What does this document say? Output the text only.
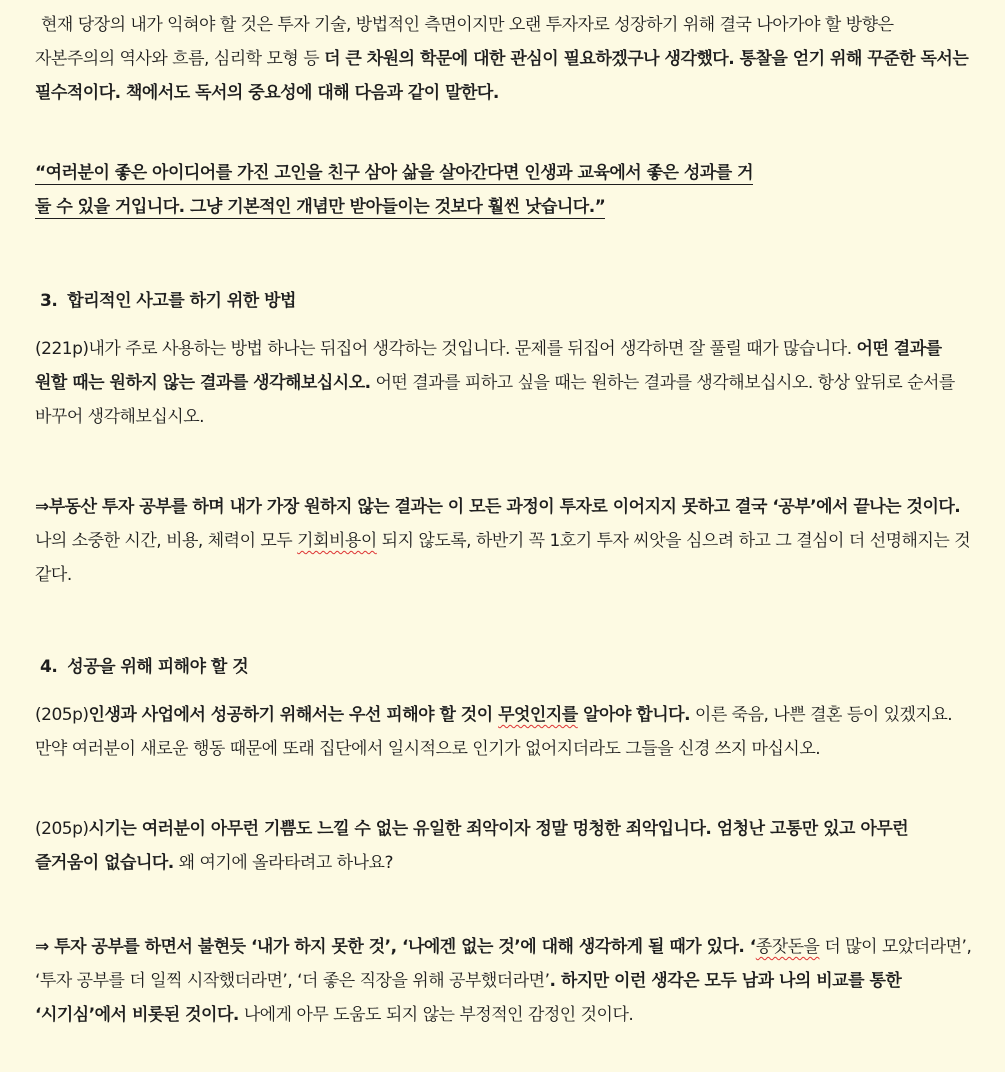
현재 당장의 내가 익혀야 할 것은 투자 기술, 방법적인 측면이지만 오랜 투자자로 성장하기 위해 결국 나아가야 할 방향은 자본주의의 역사와 흐름, 심리학 모형 등 더 큰 차원의 학문에 대한 관심이 필요하겠구나 생각했다. 통찰을 얻기 위해 꾸준한 독서는 필수적이다. 책에서도 독서의 중요성에 대해 다음과 같이 말한다.

“여러분이 좋은 아이디어를 가진 고인을 친구 삼아 삶을 살아간다면 인생과 교육에서 좋은 성과를 거
둘 수 있을 거입니다. 그냥 기본적인 개념만 받아들이는 것보다 훨씬 낫습니다.”

3. 합리적인 사고를 하기 위한 방법

(221p)내가 주로 사용하는 방법 하나는 뒤집어 생각하는 것입니다. 문제를 뒤집어 생각하면 잘 풀릴 때가 많습니다. 어떤 결과를 원할 때는 원하지 않는 결과를 생각해보십시오. 어떤 결과를 피하고 싶을 때는 원하는 결과를 생각해보십시오. 항상 앞뒤로 순서를 바꾸어 생각해보십시오.

⇒부동산 투자 공부를 하며 내가 가장 원하지 않는 결과는 이 모든 과정이 투자로 이어지지 못하고 결국 ‘공부’에서 끝나는 것이다. 나의 소중한 시간, 비용, 체력이 모두 기회비용이 되지 않도록, 하반기 꼭 1호기 투자 씨앗을 심으려 하고 그 결심이 더 선명해지는 것 같다.

4. 성공을 위해 피해야 할 것

(205p)인생과 사업에서 성공하기 위해서는 우선 피해야 할 것이 무엇인지를 알아야 합니다. 이른 죽음, 나쁜 결혼 등이 있겠지요. 만약 여러분이 새로운 행동 때문에 또래 집단에서 일시적으로 인기가 없어지더라도 그들을 신경 쓰지 마십시오.

(205p)시기는 여러분이 아무런 기쁨도 느낄 수 없는 유일한 죄악이자 정말 멍청한 죄악입니다. 엄청난 고통만 있고 아무런 즐거움이 없습니다. 왜 여기에 올라타려고 하나요?

⇒ 투자 공부를 하면서 불현듯 ‘내가 하지 못한 것’, ‘나에겐 없는 것’에 대해 생각하게 될 때가 있다. ‘종잣돈을 더 많이 모았더라면’, ‘투자 공부를 더 일찍 시작했더라면’, ‘더 좋은 직장을 위해 공부했더라면’. 하지만 이런 생각은 모두 남과 나의 비교를 통한 ‘시기심’에서 비롯된 것이다. 나에게 아무 도움도 되지 않는 부정적인 감정인 것이다.
